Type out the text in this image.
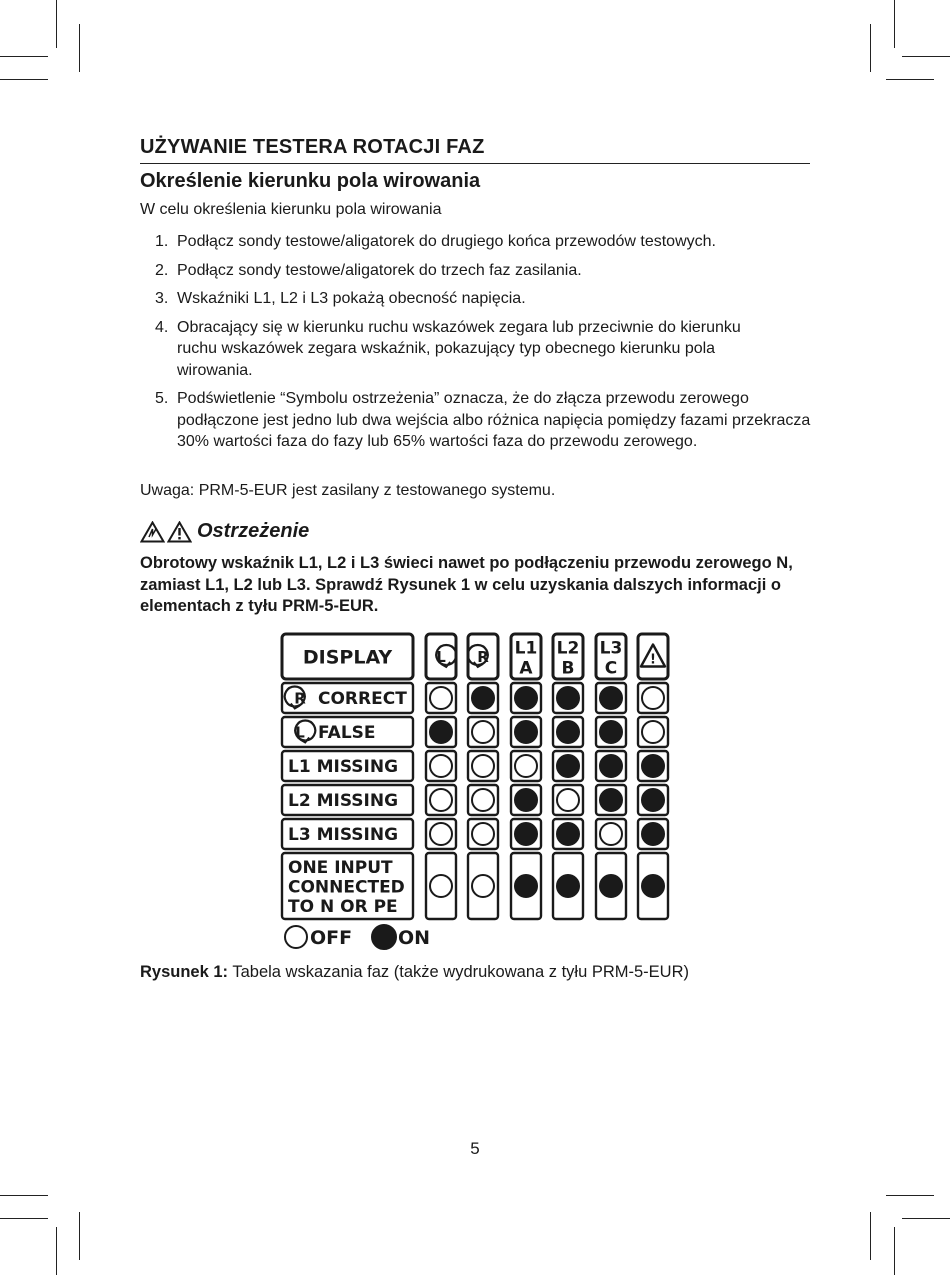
UŻYWANIE TESTERA ROTACJI FAZ
Określenie kierunku pola wirowania
W celu określenia kierunku pola wirowania
1. Podłącz sondy testowe/aligatorek do drugiego końca przewodów testowych.
2. Podłącz sondy testowe/aligatorek do trzech faz zasilania.
3. Wskaźniki L1, L2 i L3 pokażą obecność napięcia.
4. Obracający się w kierunku ruchu wskazówek zegara lub przeciwnie do kierunku ruchu wskazówek zegara wskaźnik, pokazujący typ obecnego kierunku pola wirowania.
5. Podświetlenie “Symbolu ostrzeżenia” oznacza, że do złącza przewodu zerowego podłączone jest jedno lub dwa wejścia albo różnica napięcia pomiędzy fazami przekracza 30% wartości faza do fazy lub 65% wartości faza do przewodu zerowego.
Uwaga: PRM-5-EUR jest zasilany z testowanego systemu.
Ostrzeżenie
Obrotowy wskaźnik L1, L2 i L3 świeci nawet po podłączeniu przewodu zerowego N, zamiast L1, L2 lub L3. Sprawdź Rysunek 1 w celu uzyskania dalszych informacji o elementach z tyłu PRM-5-EUR.
DISPLAY	L R L1
A
L2
B
L3
C	!
R CORRECT
L FALSE
L1 MISSING
L2 MISSING
L3 MISSING
ONE INPUT
CONNECTED
TO N OR PE
OFF ON
Rysunek 1: Tabela wskazania faz (także wydrukowana z tyłu PRM-5-EUR)
5
